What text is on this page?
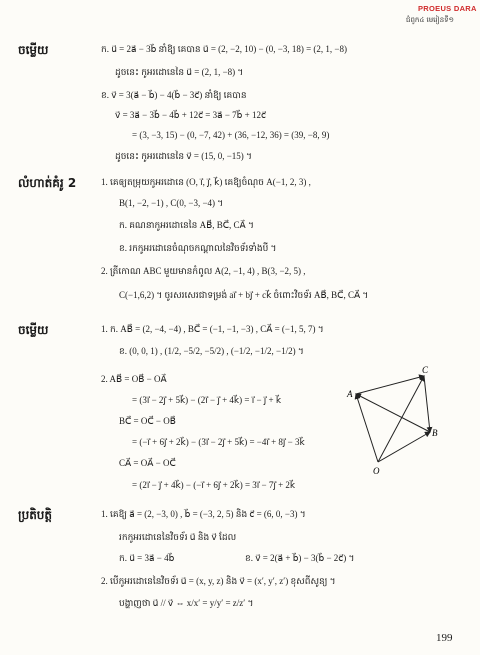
PROEUS DARA
ជំពូក៤ មេរៀនទី១
ចម្លើយ
លំហាត់គំរូ 2
ចម្លើយ
ប្រតិបត្តិ
ក. u⃗ = 2a⃗ − 3b⃗ នាំឱ្យ គេបាន u⃗ = (2, −2, 10) − (0, −3, 18) = (2, 1, −8)
ដូចនេះ កូអរដោនេនៃ u⃗ = (2, 1, −8) ។
ខ. v⃗ = 3(a⃗ − b⃗) − 4(b⃗ − 3c⃗) នាំឱ្យ គេបាន
v⃗ = 3a⃗ − 3b⃗ − 4b⃗ + 12c⃗ = 3a⃗ − 7b⃗ + 12c⃗
= (3, −3, 15) − (0, −7, 42) + (36, −12, 36) = (39, −8, 9)
ដូចនេះ កូអរដោនេនៃ v⃗ = (15, 0, −15) ។
1. គេឲ្យតម្រុយកូអរដោនេ (O, i⃗, j⃗, k⃗) គេឱ្យចំណុច A(−1, 2, 3) ,
B(1, −2, −1) , C(0, −3, −4) ។
ក. គណនាកូអរដោនេនៃ AB⃗, BC⃗, CA⃗ ។
ខ. រកកូអរដោនេចំណុចកណ្ដាលនៃវិចទ័រទាំងបី ។
2. ត្រីកោណ ABC មួយមានកំពូល A(2, −1, 4) , B(3, −2, 5) ,
C(−1,6,2) ។ ចូរសរសេរជាទម្រង់ ai⃗ + bj⃗ + ck⃗ ចំពោះវិចទ័រ AB⃗, BC⃗, CA⃗ ។
1. ក. AB⃗ = (2, −4, −4) , BC⃗ = (−1, −1, −3) , CA⃗ = (−1, 5, 7) ។
ខ. (0, 0, 1) , (1/2, −5/2, −5/2) , (−1/2, −1/2, −1/2) ។
2. AB⃗ = OB⃗ − OA⃗
= (3i⃗ − 2j⃗ + 5k⃗) − (2i⃗ − j⃗ + 4k⃗) = i⃗ − j⃗ + k⃗
BC⃗ = OC⃗ − OB⃗
= (−i⃗ + 6j⃗ + 2k⃗) − (3i⃗ − 2j⃗ + 5k⃗) = −4i⃗ + 8j⃗ − 3k⃗
CA⃗ = OA⃗ − OC⃗
= (2i⃗ − j⃗ + 4k⃗) − (−i⃗ + 6j⃗ + 2k⃗) = 3i⃗ − 7j⃗ + 2k⃗
A
B
C
O
1. គេឱ្យ a⃗ = (2, −3, 0) , b⃗ = (−3, 2, 5) និង c⃗ = (6, 0, −3) ។
រកកូអរដោនេនៃវិចទ័រ u⃗ និង v⃗ ដែល
ក. u⃗ = 3a⃗ − 4b⃗	ខ. v⃗ = 2(a⃗ + b⃗) − 3(b⃗ − 2c⃗) ។
2. បើកូអរដោនេនៃវិចទ័រ u⃗ = (x, y, z) និង v⃗ = (x′, y′, z′) ខុសពីសូន្យ ។
បង្ហាញថា u⃗ // v⃗ ⇔ x/x′ = y/y′ = z/z′ ។
199
